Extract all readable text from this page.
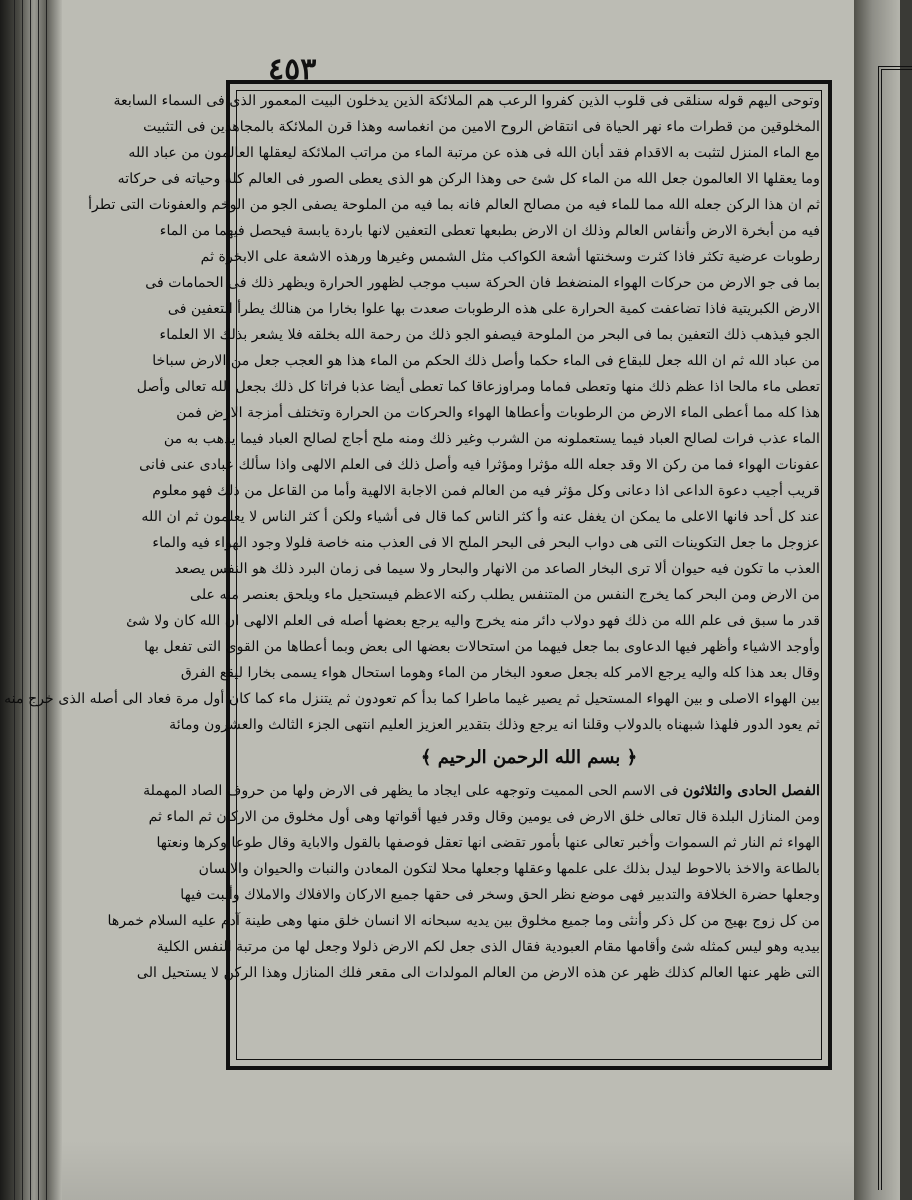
٤٥٣
وتوحى اليهم قوله سنلقى فى قلوب الذين كفروا الرعب هم الملائكة الذين يدخلون البيت المعمور الذى فى السماء السابعة
المخلوقين من قطرات ماء نهر الحياة فى انتقاض الروح الامين من انغماسه وهذا قرن الملائكة بالمجاهدين فى التثبيت
مع الماء المنزل لتثبت به الاقدام فقد أبان الله فى هذه عن مرتبة الماء من مراتب الملائكة ليعقلها العالمون من عباد الله
وما يعقلها الا العالمون جعل الله من الماء كل شئ حى وهذا الركن هو الذى يعطى الصور فى العالم كله وحياته فى حركاته
ثم ان هذا الركن جعله الله مما للماء فيه من مصالح العالم فانه بما فيه من الملوحة يصفى الجو من الوخم والعفونات التى تطرأ
فيه من أبخرة الارض وأنفاس العالم وذلك ان الارض بطبعها تعطى التعفين لانها باردة يابسة فيحصل فيهما من الماء
رطوبات عرضية تكثر فاذا كثرت وسخنتها أشعة الكواكب مثل الشمس وغيرها ورهذه الاشعة على الابخرة ثم
بما فى جو الارض من حركات الهواء المنضغط فان الحركة سبب موجب لظهور الحرارة ويظهر ذلك فى الحمامات فى
الارض الكبريتية فاذا تضاعفت كمية الحرارة على هذه الرطوبات صعدت بها علوا بخارا من هنالك يطرأ التعفين فى
الجو فيذهب ذلك التعفين بما فى البحر من الملوحة فيصفو الجو ذلك من رحمة الله بخلقه فلا يشعر بذلك الا العلماء
من عباد الله ثم ان الله جعل للبقاع فى الماء حكما وأصل ذلك الحكم من الماء هذا هو العجب جعل من الارض سباخا
تعطى ماء مالحا اذا عظم ذلك منها وتعطى فماما ومراوزعاقا كما تعطى أيضا عذبا فراتا كل ذلك بجعل الله تعالى وأصل
هذا كله مما أعطى الماء الارض من الرطوبات وأعطاها الهواء والحركات من الحرارة وتختلف أمزجة الارض فمن
الماء عذب فرات لصالح العباد فيما يستعملونه من الشرب وغير ذلك ومنه ملح أجاج لصالح العباد فيما يذهب به من
عفونات الهواء فما من ركن الا وقد جعله الله مؤثرا ومؤثرا فيه وأصل ذلك فى العلم الالهى واذا سألك عبادى عنى فانى
قريب أجيب دعوة الداعى اذا دعانى وكل مؤثر فيه من العالم فمن الاجابة الالهية وأما من القاعل من ذلك فهو معلوم
عند كل أحد فانها الاعلى ما يمكن ان يغفل عنه وأ كثر الناس كما قال فى أشياء ولكن أ كثر الناس لا يعلمون ثم ان الله
عزوجل ما جعل التكوينات التى هى دواب البحر فى البحر الملح الا فى العذب منه خاصة فلولا وجود الهواء فيه والماء
العذب ما تكون فيه حيوان ألا ترى البخار الصاعد من الانهار والبحار ولا سيما فى زمان البرد ذلك هو النفس يصعد
من الارض ومن البحر كما يخرج النفس من المتنفس يطلب ركنه الاعظم فيستحيل ماء ويلحق بعنصر منه على
قدر ما سبق فى علم الله من ذلك فهو دولاب دائر منه يخرج واليه يرجع بعضها أصله فى العلم الالهى ان الله كان ولا شئ
وأوجد الاشياء وأظهر فيها الدعاوى بما جعل فيهما من استحالات بعضها الى بعض وبما أعطاها من القوى التى تفعل بها
وقال بعد هذا كله واليه يرجع الامر كله بجعل صعود البخار من الماء وهوما استحال هواء يسمى بخارا ليقع الفرق
بين الهواء الاصلى و بين الهواء المستحيل ثم يصير غيما ماطرا كما بدأ كم تعودون ثم يتنزل ماء كما كان أول مرة فعاد الى أصله الذى خرج منه
ثم يعود الدور فلهذا شبهناه بالدولاب وقلنا انه يرجع وذلك بتقدير العزيز العليم انتهى الجزء الثالث والعشرون ومائة
﴿ بسم الله الرحمن الرحيم ﴾
الفصل الحادى والثلاثون فى الاسم الحى المميت وتوجهه على ايجاد ما يظهر فى الارض ولها من حروف الصاد المهملة
ومن المنازل البلدة قال تعالى خلق الارض فى يومين وقال وقدر فيها أقواتها وهى أول مخلوق من الاركان ثم الماء ثم
الهواء ثم النار ثم السموات وأخبر تعالى عنها بأمور تقضى انها تعقل فوصفها بالقول والاباية وقال طوعا وكرها ونعتها
بالطاعة والاخذ بالاحوط ليدل بذلك على علمها وعقلها وجعلها محلا لتكون المعادن والنبات والحيوان والانسان
وجعلها حضرة الخلافة والتدبير فهى موضع نظر الحق وسخر فى حقها جميع الاركان والافلاك والاملاك وأنبت فيها
من كل زوج بهيج من كل ذكر وأنثى وما جميع مخلوق بين يديه سبحانه الا انسان خلق منها وهى طينة آدم عليه السلام خمرها
بيديه وهو ليس كمثله شئ وأقامها مقام العبودية فقال الذى جعل لكم الارض ذلولا وجعل لها من مرتبة النفس الكلية
التى ظهر عنها العالم كذلك ظهر عن هذه الارض من العالم المولدات الى مقعر فلك المنازل وهذا الركن لا يستحيل الى
